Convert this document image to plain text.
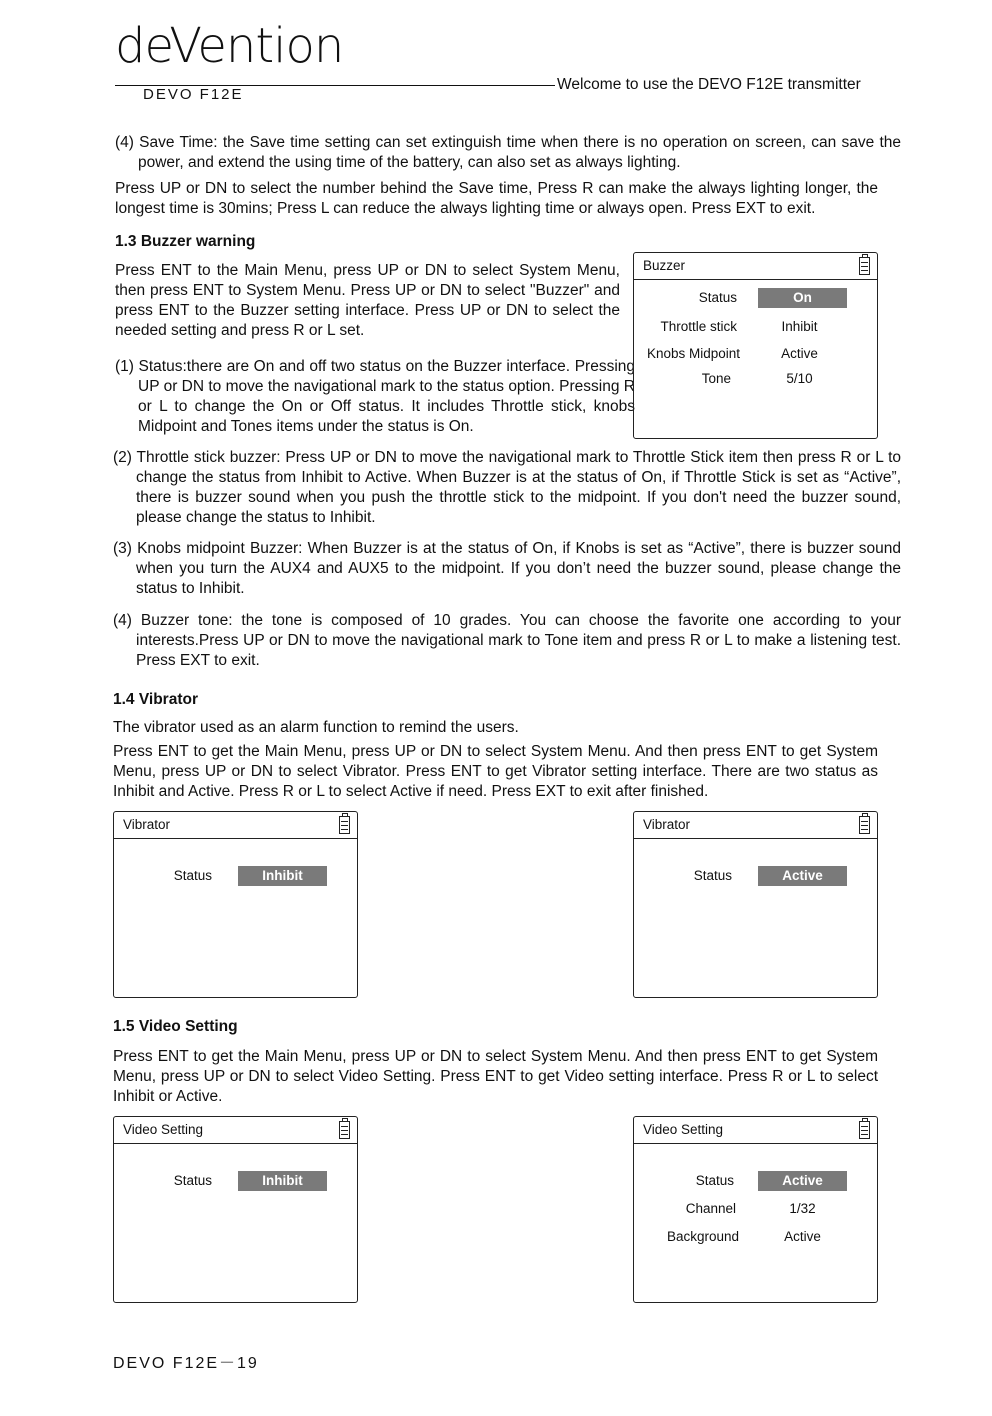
deVention
DEVO F12E
Welcome to use the DEVO F12E transmitter
(4) Save Time: the Save time setting can set extinguish time when there is no operation on screen, can save the power, and extend the using time of the battery, can also set as always lighting.
Press UP or DN to select the number behind the Save time, Press R can make the always lighting longer, the longest time is 30mins; Press L can reduce the always lighting time or always open. Press EXT to exit.
1.3 Buzzer warning
Press ENT to the Main Menu, press UP or DN to select System Menu, then press ENT to System Menu. Press UP or DN to select "Buzzer" and press ENT to the Buzzer setting interface. Press UP or DN to select the needed setting and press R or L set.
(1) Status:there are On and off two status on the Buzzer interface. Pressing UP or DN to move the navigational mark to the status option. Pressing R or L to change the On or Off status. It includes Throttle stick, knobs Midpoint and Tones items under the status is On.
(2) Throttle stick buzzer: Press UP or DN to move the navigational mark to Throttle Stick item then press R or L to change the status from Inhibit to Active. When Buzzer is at the status of On, if Throttle Stick is set as “Active”, there is buzzer sound when you push the throttle stick to the midpoint. If you don't need the buzzer sound, please change the status to Inhibit.
(3) Knobs midpoint Buzzer: When Buzzer is at the status of On, if Knobs is set as “Active”, there is buzzer sound when you turn the AUX4 and AUX5 to the midpoint. If you don’t need the buzzer sound, please change the status to Inhibit.
(4) Buzzer tone: the tone is composed of 10 grades. You can choose the favorite one according to your interests.Press UP or DN to move the navigational mark to Tone item and press R or L to make a listening test. Press EXT to exit.
Buzzer
Status	On
Throttle stick	Inhibit
Knobs Midpoint	Active
Tone	5/10
1.4 Vibrator
The vibrator used as an alarm function to remind the users.
Press ENT to get the Main Menu, press UP or DN to select System Menu. And then press ENT to get System Menu, press UP or DN to select Vibrator. Press ENT to get Vibrator setting interface. There are two status as Inhibit and Active. Press R or L to select Active if need. Press EXT to exit after finished.
Vibrator
Status	Inhibit
Vibrator
Status	Active
1.5 Video Setting
Press ENT to get the Main Menu, press UP or DN to select System Menu. And then press ENT to get System Menu, press UP or DN to select Video Setting. Press ENT to get Video setting interface. Press R or L to select Inhibit or Active.
Video Setting
Status	Inhibit
Video Setting
Status	Active
Channel	1/32
Background	Active
DEVO F12E－19
